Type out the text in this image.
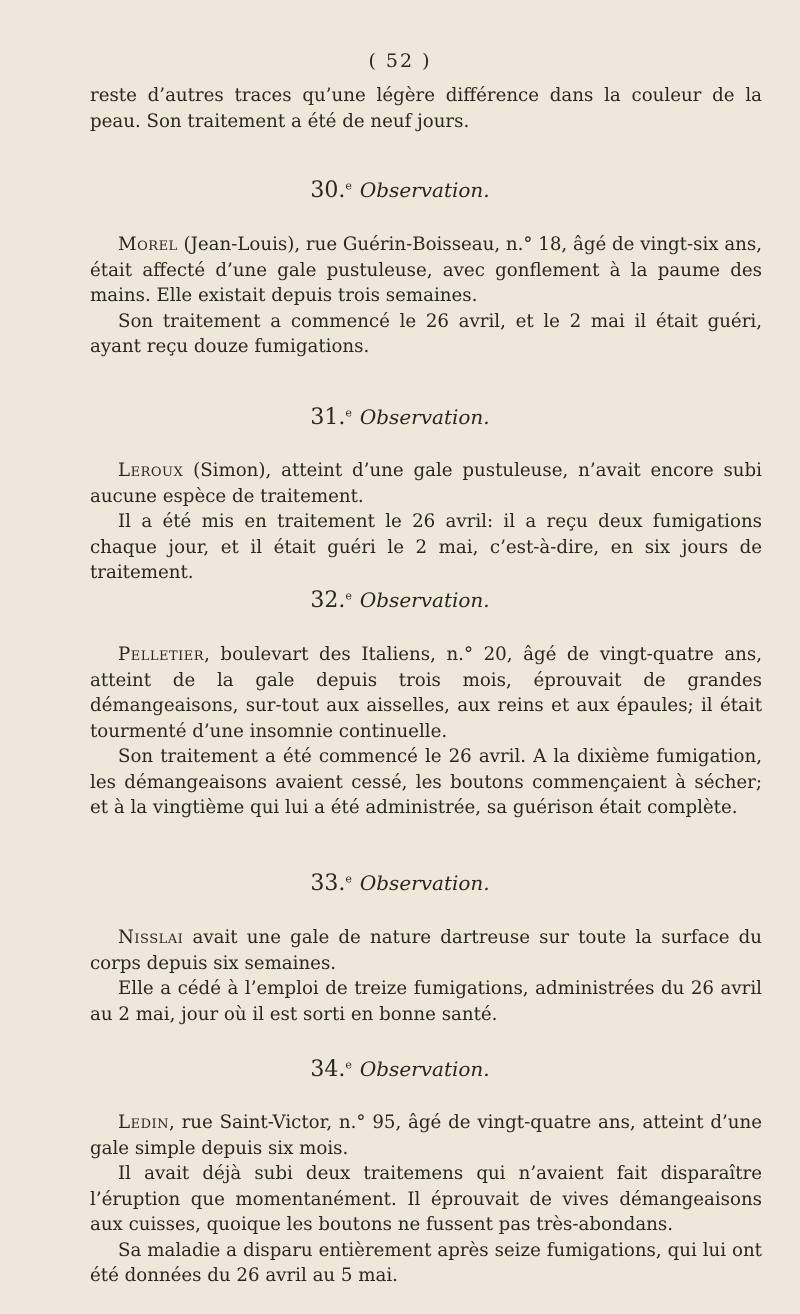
( 52 )

reste d’autres traces qu’une légère différence dans la couleur de la

peau. Son traitement a été de neuf jours.

30.$^e$ Observation.

Morel (Jean-Louis), rue Guérin-Boisseau, n.° 18, âgé de vingt-six ans, était affecté d’une gale pustuleuse, avec gonflement à la paume des mains. Elle existait depuis trois semaines.

Son traitement a commencé le 26 avril, et le 2 mai il était guéri, ayant reçu douze fumigations.

31.$^e$ Observation.

Leroux (Simon), atteint d’une gale pustuleuse, n’avait encore subi aucune espèce de traitement.

Il a été mis en traitement le 26 avril: il a reçu deux fumigations chaque jour, et il était guéri le 2 mai, c’est-à-dire, en six jours de traitement.

32.$^e$ Observation.

Pelletier, boulevart des Italiens, n.° 20, âgé de vingt-quatre ans, atteint de la gale depuis trois mois, éprouvait de grandes démangeaisons, sur-tout aux aisselles, aux reins et aux épaules; il était tourmenté d’une insomnie continuelle.

Son traitement a été commencé le 26 avril. A la dixième fumigation, les démangeaisons avaient cessé, les boutons commençaient à sécher; et à la vingtième qui lui a été administrée, sa guérison était complète.

33.$^e$ Observation.

Nisslai avait une gale de nature dartreuse sur toute la surface du corps depuis six semaines.

Elle a cédé à l’emploi de treize fumigations, administrées du 26 avril au 2 mai, jour où il est sorti en bonne santé.

34.$^e$ Observation.

Ledin, rue Saint-Victor, n.° 95, âgé de vingt-quatre ans, atteint d’une gale simple depuis six mois.

Il avait déjà subi deux traitemens qui n’avaient fait disparaître l’éruption que momentanément. Il éprouvait de vives démangeaisons aux cuisses, quoique les boutons ne fussent pas très-abondans.

Sa maladie a disparu entièrement après seize fumigations, qui lui ont été données du 26 avril au 5 mai.
